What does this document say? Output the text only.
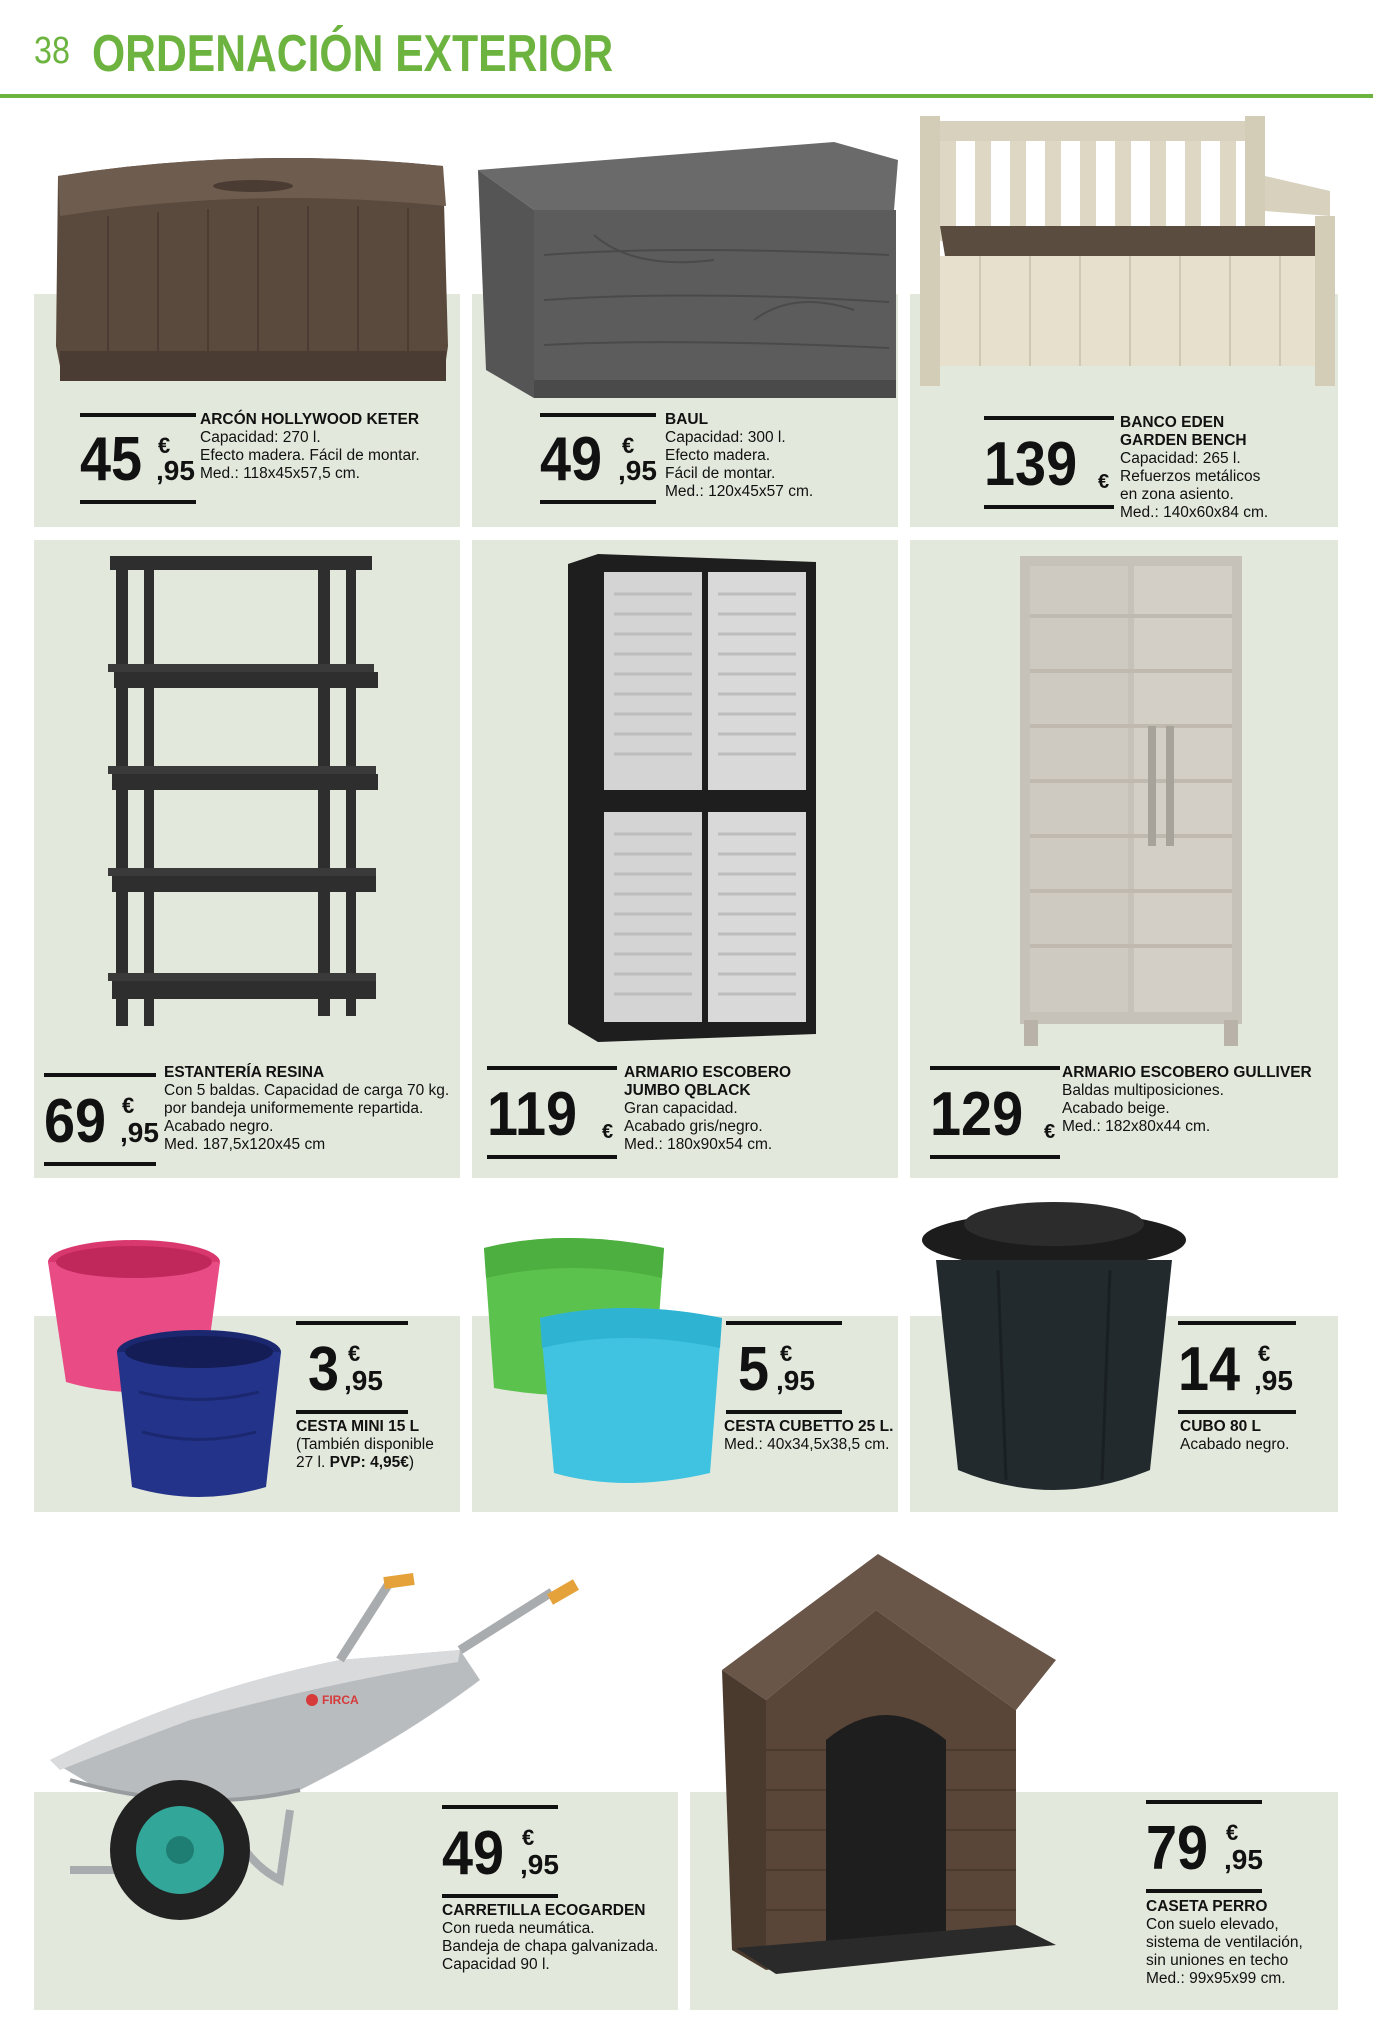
38 ORDENACIÓN EXTERIOR
45 €
,95
ARCÓN HOLLYWOOD KETER
Capacidad: 270 l.
Efecto madera. Fácil de montar.
Med.: 118x45x57,5 cm.	49 €
,95
BAUL
Capacidad: 300 l.
Efecto madera.
Fácil de montar.
Med.: 120x45x57 cm.	139 €
BANCO EDEN
GARDEN BENCH
Capacidad: 265 l.
Refuerzos metálicos
en zona asiento.
Med.: 140x60x84 cm.
69 €
,95
ESTANTERÍA RESINA
Con 5 baldas. Capacidad de carga 70 kg.
por bandeja uniformemente repartida.
Acabado negro.
Med. 187,5x120x45 cm	119 €
ARMARIO ESCOBERO
JUMBO QBLACK
Gran capacidad.
Acabado gris/negro.
Med.: 180x90x54 cm.	129 €
ARMARIO ESCOBERO GULLIVER
Baldas multiposiciones.
Acabado beige.
Med.: 182x80x44 cm.
3 €
,95
CESTA MINI 15 L
(También disponible
27 l. PVP: 4,95€)
5 €
,95
CESTA CUBETTO 25 L.
Med.: 40x34,5x38,5 cm.
14 €
,95
CUBO 80 L
Acabado negro.
FIRCA
49 €
,95
CARRETILLA ECOGARDEN
Con rueda neumática.
Bandeja de chapa galvanizada.
Capacidad 90 l.
79 €
,95
CASETA PERRO
Con suelo elevado,
sistema de ventilación,
sin uniones en techo
Med.: 99x95x99 cm.
